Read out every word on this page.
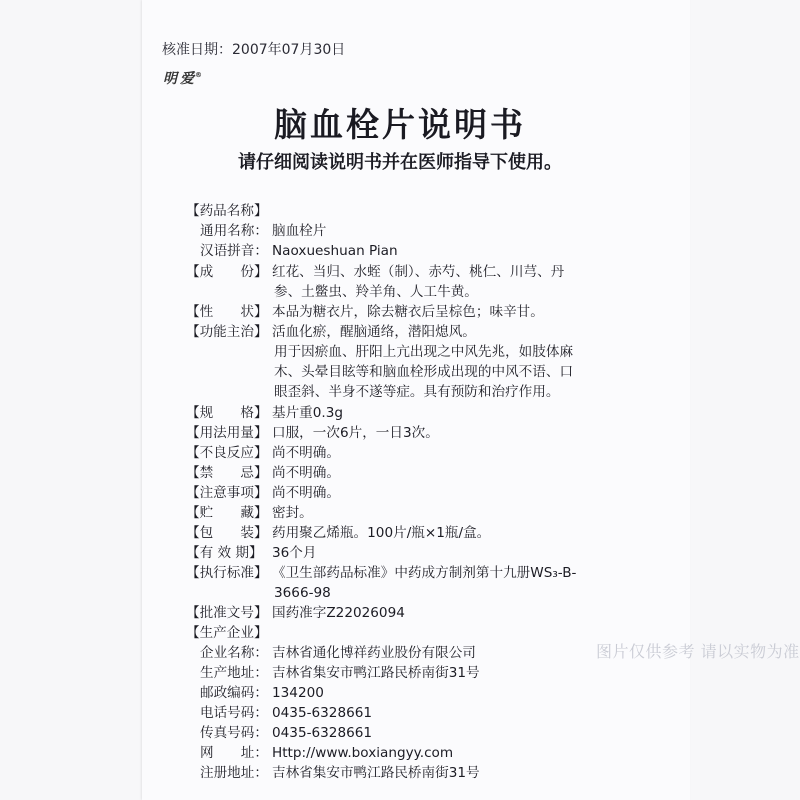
核准日期：2007年07月30日
明爱®
脑血栓片说明书
请仔细阅读说明书并在医师指导下使用。
【药品名称】
通用名称： 脑血栓片
汉语拼音： Naoxueshuan Pian
【成　　份】 红花、当归、水蛭（制）、赤芍、桃仁、川芎、丹
参、土鳖虫、羚羊角、人工牛黄。
【性　　状】 本品为糖衣片，除去糖衣后呈棕色；味辛甘。
【功能主治】 活血化瘀，醒脑通络，潜阳熄风。
用于因瘀血、肝阳上亢出现之中风先兆，如肢体麻
木、头晕目眩等和脑血栓形成出现的中风不语、口
眼歪斜、半身不遂等症。具有预防和治疗作用。
【规　　格】 基片重0.3g
【用法用量】 口服，一次6片，一日3次。
【不良反应】 尚不明确。
【禁　　忌】 尚不明确。
【注意事项】 尚不明确。
【贮　　藏】 密封。
【包　　装】 药用聚乙烯瓶。100片/瓶×1瓶/盒。
【有 效 期】 36个月
【执行标准】 《卫生部药品标准》中药成方制剂第十九册WS₃-B-
3666-98
【批准文号】 国药准字Z22026094
【生产企业】
企业名称： 吉林省通化博祥药业股份有限公司
生产地址： 吉林省集安市鸭江路民桥南街31号
邮政编码： 134200
电话号码： 0435-6328661
传真号码： 0435-6328661
网　　址： Http://www.boxiangyy.com
注册地址： 吉林省集安市鸭江路民桥南街31号
图片仅供参考 请以实物为准
